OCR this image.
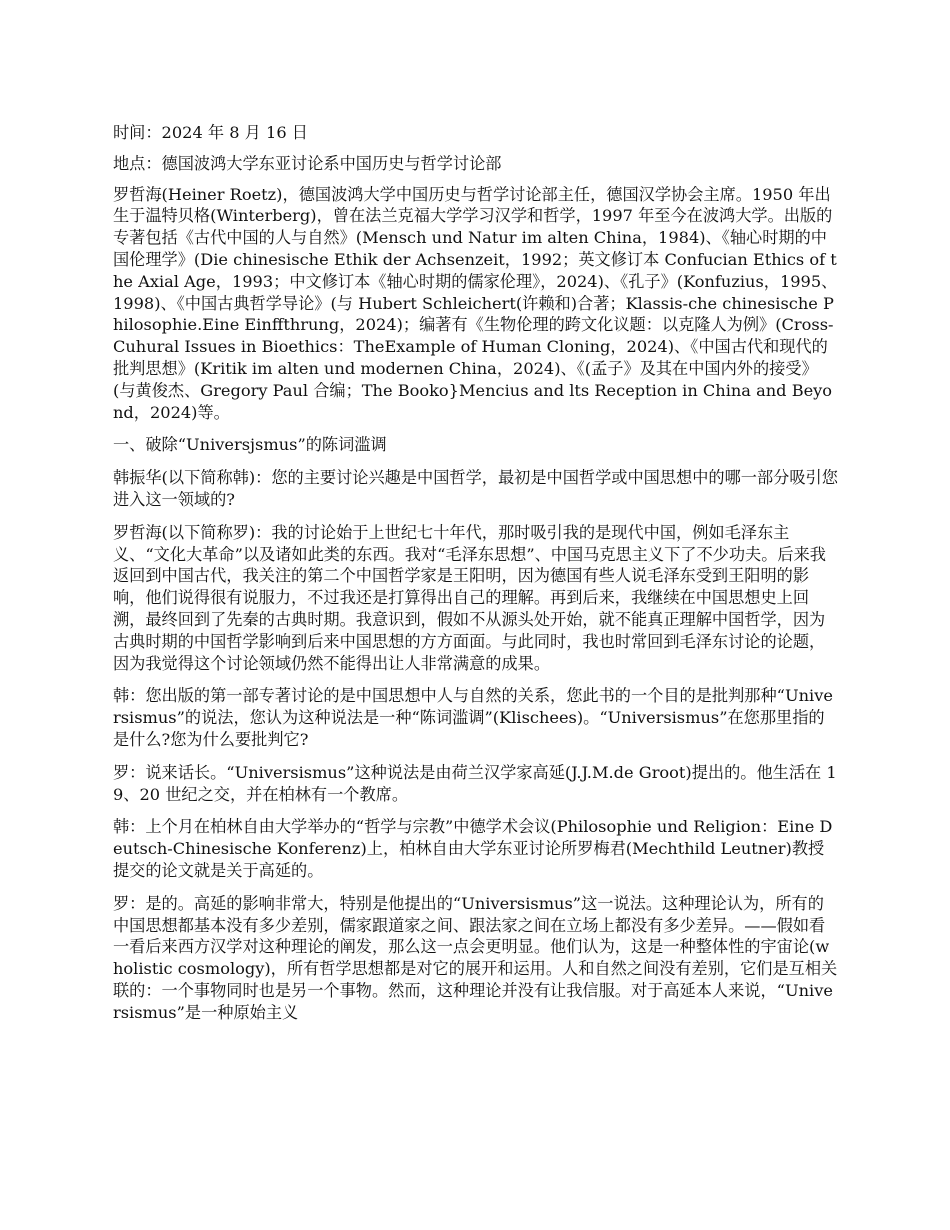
时间：2024 年 8 月 16 日

地点：德国波鸿大学东亚讨论系中国历史与哲学讨论部

罗哲海(Heiner Roetz)，德国波鸿大学中国历史与哲学讨论部主任，德国汉学协会主席。1950 年出生于温特贝格(Winterberg)，曾在法兰克福大学学习汉学和哲学，1997 年至今在波鸿大学。出版的专著包括《古代中国的人与自然》(Mensch und Natur im alten China，1984)、《轴心时期的中国伦理学》(Die chinesische Ethik der Achsenzeit，1992；英文修订本 Confucian Ethics of the Axial Age，1993；中文修订本《轴心时期的儒家伦理》，2024)、《孔子》(Konfuzius，1995、1998)、《中国古典哲学导论》(与 Hubert Schleichert(许赖和)合著；Klassis-che chinesische Philosophie.Eine Einffthrung，2024)；编著有《生物伦理的跨文化议题：以克隆人为例》(Cross-Cuhural Issues in Bioethics：TheExample of Human Cloning，2024)、《中国古代和现代的批判思想》(Kritik im alten und modernen China，2024)、《(孟子》及其在中国内外的接受》(与黄俊杰、Gregory Paul 合编；The Booko}Mencius and lts Reception in China and Beyond，2024)等。

一、破除“Universjsmus”的陈词滥调

韩振华(以下简称韩)：您的主要讨论兴趣是中国哲学，最初是中国哲学或中国思想中的哪一部分吸引您进入这一领域的?

罗哲海(以下简称罗)：我的讨论始于上世纪七十年代，那时吸引我的是现代中国，例如毛泽东主义、“文化大革命”以及诸如此类的东西。我对“毛泽东思想”、中国马克思主义下了不少功夫。后来我返回到中国古代，我关注的第二个中国哲学家是王阳明，因为德国有些人说毛泽东受到王阳明的影响，他们说得很有说服力，不过我还是打算得出自己的理解。再到后来，我继续在中国思想史上回溯，最终回到了先秦的古典时期。我意识到，假如不从源头处开始，就不能真正理解中国哲学，因为古典时期的中国哲学影响到后来中国思想的方方面面。与此同时，我也时常回到毛泽东讨论的论题，因为我觉得这个讨论领域仍然不能得出让人非常满意的成果。

韩：您出版的第一部专著讨论的是中国思想中人与自然的关系，您此书的一个目的是批判那种“Universismus”的说法，您认为这种说法是一种“陈词滥调”(Klischees)。“Universismus”在您那里指的是什么?您为什么要批判它?

罗：说来话长。“Universismus”这种说法是由荷兰汉学家高延(J.J.M.de Groot)提出的。他生活在 19、20 世纪之交，并在柏林有一个教席。

韩：上个月在柏林自由大学举办的“哲学与宗教”中德学术会议(Philosophie und Religion：Eine Deutsch-Chinesische Konferenz)上，柏林自由大学东亚讨论所罗梅君(Mechthild Leutner)教授提交的论文就是关于高延的。

罗：是的。高延的影响非常大，特别是他提出的“Universismus”这一说法。这种理论认为，所有的中国思想都基本没有多少差别，儒家跟道家之间、跟法家之间在立场上都没有多少差异。——假如看一看后来西方汉学对这种理论的阐发，那么这一点会更明显。他们认为，这是一种整体性的宇宙论(wholistic cosmology)，所有哲学思想都是对它的展开和运用。人和自然之间没有差别，它们是互相关联的：一个事物同时也是另一个事物。然而，这种理论并没有让我信服。对于高延本人来说，“Universismus”是一种原始主义
